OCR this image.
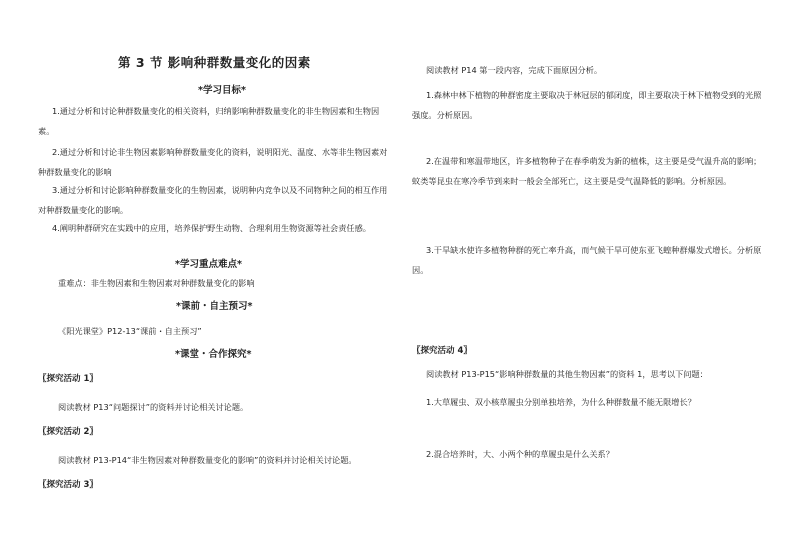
第 3 节 影响种群数量变化的因素
*学习目标*
1.通过分析和讨论种群数量变化的相关资料，归纳影响种群数量变化的非生物因素和生物因素。
2.通过分析和讨论非生物因素影响种群数量变化的资料，说明阳光、温度、水等非生物因素对种群数量变化的影响
3.通过分析和讨论影响种群数量变化的生物因素，说明种内竞争以及不同物种之间的相互作用对种群数量变化的影响。
4.阐明种群研究在实践中的应用，培养保护野生动物、合理利用生物资源等社会责任感。
*学习重点难点*
重难点：非生物因素和生物因素对种群数量变化的影响
*课前・自主预习*
《阳光课堂》P12-13“课前・自主预习”
*课堂・合作探究*
〖探究活动 1〗
阅读教材 P13“问题探讨”的资料并讨论相关讨论题。
〖探究活动 2〗
阅读教材 P13-P14“非生物因素对种群数量变化的影响”的资料并讨论相关讨论题。
〖探究活动 3〗
阅读教材 P14 第一段内容，完成下面原因分析。
1.森林中林下植物的种群密度主要取决于林冠层的郁闭度，即主要取决于林下植物受到的光照强度。分析原因。
2.在温带和寒温带地区，许多植物种子在春季萌发为新的植株，这主要是受气温升高的影响；蚊类等昆虫在寒冷季节到来时一般会全部死亡，这主要是受气温降低的影响。分析原因。
3.干旱缺水使许多植物种群的死亡率升高，而气候干旱可使东亚飞蝗种群爆发式增长。分析原因。
〖探究活动 4〗
阅读教材 P13-P15“影响种群数量的其他生物因素”的资料 1，思考以下问题：
1.大草履虫、双小核草履虫分别单独培养，为什么种群数量不能无限增长？
2.混合培养时，大、小两个种的草履虫是什么关系？
